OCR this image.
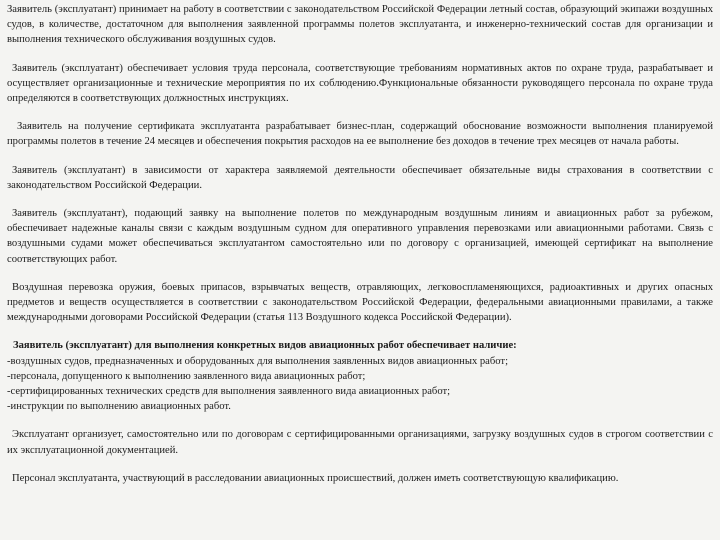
Заявитель (эксплуатант) принимает на работу в соответствии с законодательством Российской Федерации летный состав, образующий экипажи воздушных судов, в количестве, достаточном для выполнения заявленной программы полетов эксплуатанта, и инженерно-технический состав для организации и выполнения технического обслуживания воздушных судов.

Заявитель (эксплуатант) обеспечивает условия труда персонала, соответствующие требованиям нормативных актов по охране труда, разрабатывает и осуществляет организационные и технические мероприятия по их соблюдению.Функциональные обязанности руководящего персонала по охране труда определяются в соответствующих должностных инструкциях.

Заявитель на получение сертификата эксплуатанта разрабатывает бизнес-план, содержащий обоснование возможности выполнения планируемой программы полетов в течение 24 месяцев и обеспечения покрытия расходов на ее выполнение без доходов в течение трех месяцев от начала работы.

Заявитель (эксплуатант) в зависимости от характера заявляемой деятельности обеспечивает обязательные виды страхования в соответствии с законодательством Российской Федерации.

Заявитель (эксплуатант), подающий заявку на выполнение полетов по международным воздушным линиям и авиационных работ за рубежом, обеспечивает надежные каналы связи с каждым воздушным судном для оперативного управления перевозками или авиационными работами. Связь с воздушными судами может обеспечиваться эксплуатантом самостоятельно или по договору с организацией, имеющей сертификат на выполнение соответствующих работ.

Воздушная перевозка оружия, боевых припасов, взрывчатых веществ, отравляющих, легковоспламеняющихся, радиоактивных и других опасных предметов и веществ осуществляется в соответствии с законодательством Российской Федерации, федеральными авиационными правилами, а также международными договорами Российской Федерации (статья 113 Воздушного кодекса Российской Федерации).

Заявитель (эксплуатант) для выполнения конкретных видов авиационных работ обеспечивает наличие:
-воздушных судов, предназначенных и оборудованных для выполнения заявленных видов авиационных работ;
-персонала, допущенного к выполнению заявленного вида авиационных работ;
-сертифицированных технических средств для выполнения заявленного вида авиационных работ;
-инструкции по выполнению авиационных работ.

Эксплуатант организует, самостоятельно или по договорам с сертифицированными организациями, загрузку воздушных судов в строгом соответствии с их эксплуатационной документацией.

Персонал эксплуатанта, участвующий в расследовании авиационных происшествий, должен иметь соответствующую квалификацию.
